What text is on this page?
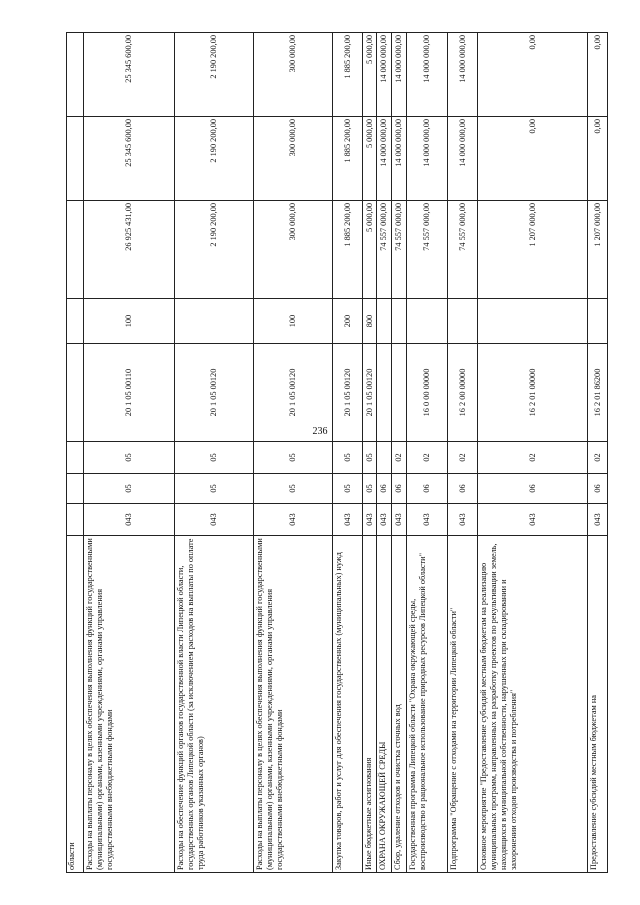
236
области Расходы на выплаты персоналу в целях обеспечения выполнения функций государственными (муниципальными) органами, казенными учреждениями, органами управления государственными внебюджетными фондами
043
05
05
20 1 05 00110
100
26 925 431,00
25 345 600,00
25 345 600,00
Расходы на обеспечение функций органов государственной власти Липецкой области, государственных органов Липецкой области (за исключением расходов на выплаты по оплате труда работников указанных органов)
043
05
05
20 1 05 00120
2 190 200,00
2 190 200,00
2 190 200,00
Расходы на выплаты персоналу в целях обеспечения выполнения функций государственными (муниципальными) органами, казенными учреждениями, органами управления государственными внебюджетными фондами
043
05
05
20 1 05 00120
100
300 000,00
300 000,00
300 000,00
Закупка товаров, работ и услуг для обеспечения государственных (муниципальных) нужд
043
05
05
20 1 05 00120
200
1 885 200,00
1 885 200,00
1 885 200,00
Иные бюджетные ассигнования
043
05
05
20 1 05 00120
800
5 000,00
5 000,00
5 000,00
ОХРАНА ОКРУЖАЮЩЕЙ СРЕДЫ
043
06
74 557 000,00
14 000 000,00
14 000 000,00
Сбор, удаление отходов и очистка сточных вод
043
06
02
74 557 000,00
14 000 000,00
14 000 000,00
Государственная программа Липецкой области "Охрана окружающей среды, воспроизводство и рациональное использование природных ресурсов Липецкой области"
043
06
02
16 0 00 00000
74 557 000,00
14 000 000,00
14 000 000,00
Подпрограмма "Обращение с отходами на территории Липецкой области"
043
06
02
16 2 00 00000
74 557 000,00
14 000 000,00
14 000 000,00
Основное мероприятие "Предоставление субсидий местным бюджетам на реализацию муниципальных программ, направленных на разработку проектов по рекультивации земель, находящихся в муниципальной собственности, нарушенных при складировании и захоронении отходов производства и потребления"
043
06
02
16 2 01 00000
1 207 000,00
0,00
0,00
Предоставление субсидий местным бюджетам на
043
06
02
16 2 01 86200
1 207 000,00
0,00
0,00
